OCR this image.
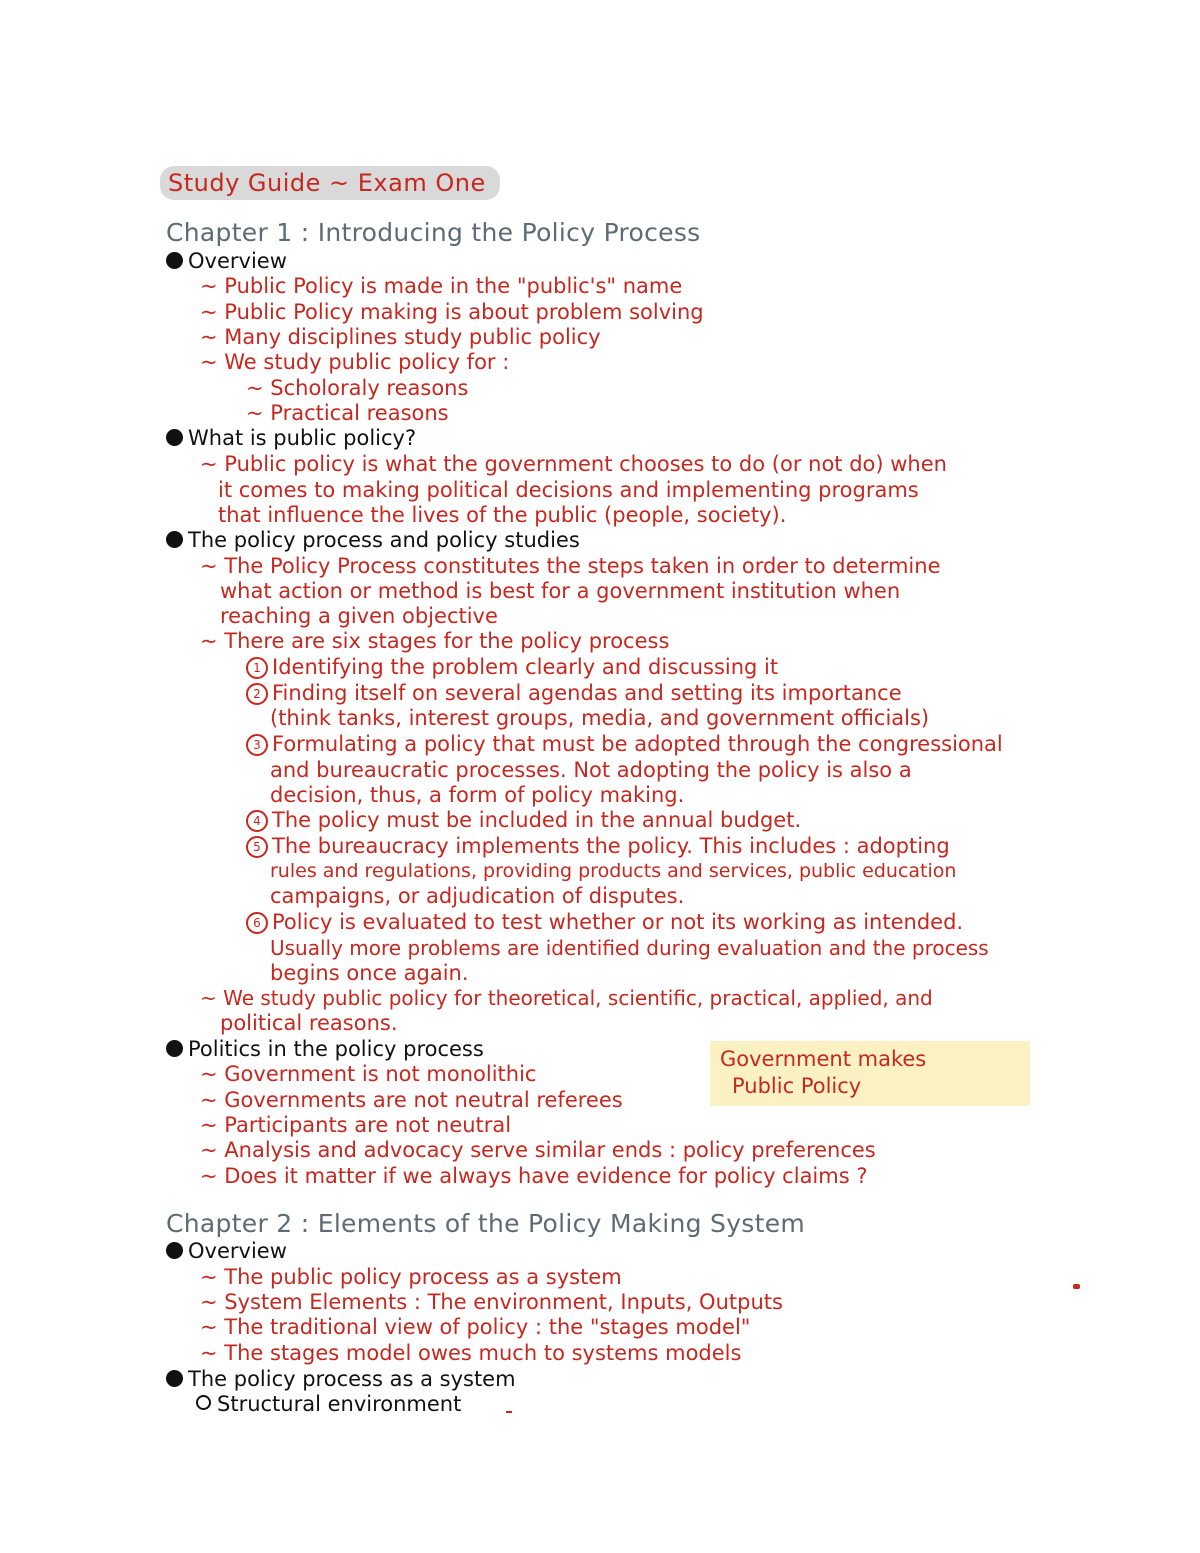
Study Guide ~ Exam One
Chapter 1 : Introducing the Policy Process
Overview
~ Public Policy is made in the "public's" name
~ Public Policy making is about problem solving
~ Many disciplines study public policy
~ We study public policy for :
~ Scholoraly reasons
~ Practical reasons
What is public policy?
~ Public policy is what the government chooses to do (or not do) when
it comes to making political decisions and implementing programs
that influence the lives of the public (people, society).
The policy process and policy studies
~ The Policy Process constitutes the steps taken in order to determine
what action or method is best for a government institution when
reaching a given objective
~ There are six stages for the policy process
1 Identifying the problem clearly and discussing it
2 Finding itself on several agendas and setting its importance
(think tanks, interest groups, media, and government officials)
3 Formulating a policy that must be adopted through the congressional
and bureaucratic processes. Not adopting the policy is also a
decision, thus, a form of policy making.
4 The policy must be included in the annual budget.
5 The bureaucracy implements the policy. This includes : adopting
rules and regulations, providing products and services, public education
campaigns, or adjudication of disputes.
6 Policy is evaluated to test whether or not its working as intended.
Usually more problems are identified during evaluation and the process
begins once again.
~ We study public policy for theoretical, scientific, practical, applied, and
political reasons.
Politics in the policy process
~ Government is not monolithic
~ Governments are not neutral referees
~ Participants are not neutral
~ Analysis and advocacy serve similar ends : policy preferences
~ Does it matter if we always have evidence for policy claims ?
Government makes
Public Policy
Chapter 2 : Elements of the Policy Making System
Overview
~ The public policy process as a system
~ System Elements : The environment, Inputs, Outputs
~ The traditional view of policy : the "stages model"
~ The stages model owes much to systems models
The policy process as a system
Structural environment
